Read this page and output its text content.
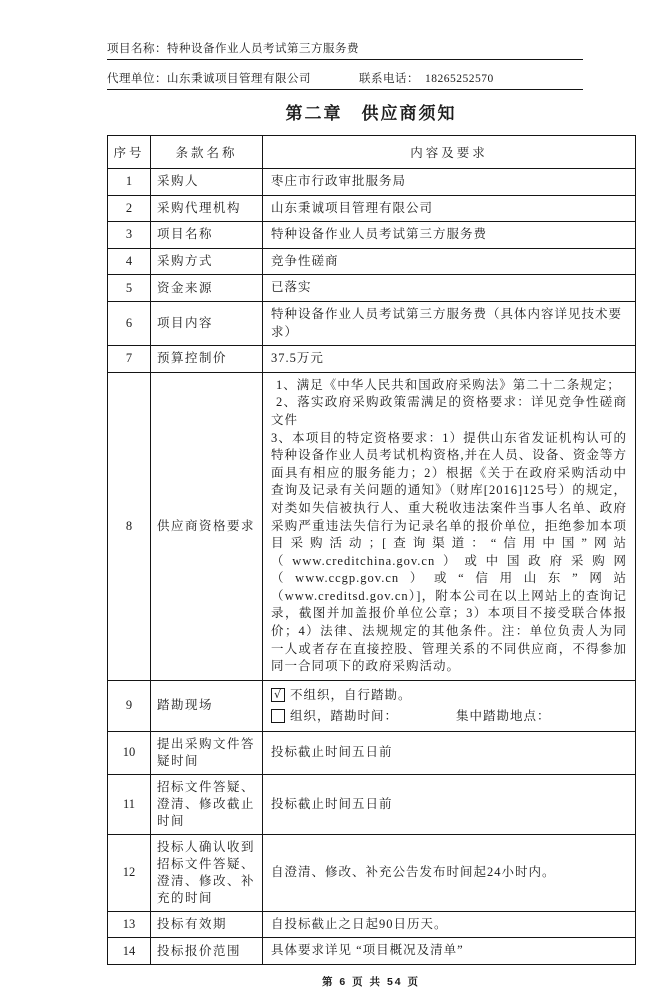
项目名称：特种设备作业人员考试第三方服务费
代理单位：山东秉诚项目管理有限公司	联系电话： 18265252570
第二章　供应商须知
序号	条款名称	内容及要求
1	采购人	枣庄市行政审批服务局
2	采购代理机构	山东秉诚项目管理有限公司
3	项目名称	特种设备作业人员考试第三方服务费
4	采购方式	竞争性磋商
5	资金来源	已落实
6	项目内容	特种设备作业人员考试第三方服务费（具体内容详见技术要求）
7	预算控制价	37.5万元
8	供应商资格要求	1、满足《中华人民共和国政府采购法》第二十二条规定；
2、落实政府采购政策需满足的资格要求：详见竞争性磋商文件
3、本项目的特定资格要求：1）提供山东省发证机构认可的特种设备作业人员考试机构资格,并在人员、设备、资金等方面具有相应的服务能力；2）根据《关于在政府采购活动中查询及记录有关问题的通知》（财库[2016]125号）的规定，对类如失信被执行人、重大税收违法案件当事人名单、政府采购严重违法失信行为记录名单的报价单位，拒绝参加本项目采购活动；[查询渠道：“信用中国”网站（www.creditchina.gov.cn）或中国政府采购网（www.ccgp.gov.cn）或“信用山东”网站（www.creditsd.gov.cn）]，附本公司在以上网站上的查询记录，截图并加盖报价单位公章；3）本项目不接受联合体报价；4）法律、法规规定的其他条件。注：单位负责人为同一人或者存在直接控股、管理关系的不同供应商，不得参加同一合同项下的政府采购活动。

9	踏勘现场	√ 不组织，自行踏勘。
组织，踏勘时间： 集中踏勘地点：

10	提出采购文件答疑时间	投标截止时间五日前
11	招标文件答疑、澄清、修改截止时间	投标截止时间五日前
12	投标人确认收到招标文件答疑、澄清、修改、补充的时间	自澄清、修改、补充公告发布时间起24小时内。
13	投标有效期	自投标截止之日起90日历天。
14	投标报价范围	具体要求详见 “项目概况及清单”
第 6 页 共 54 页
